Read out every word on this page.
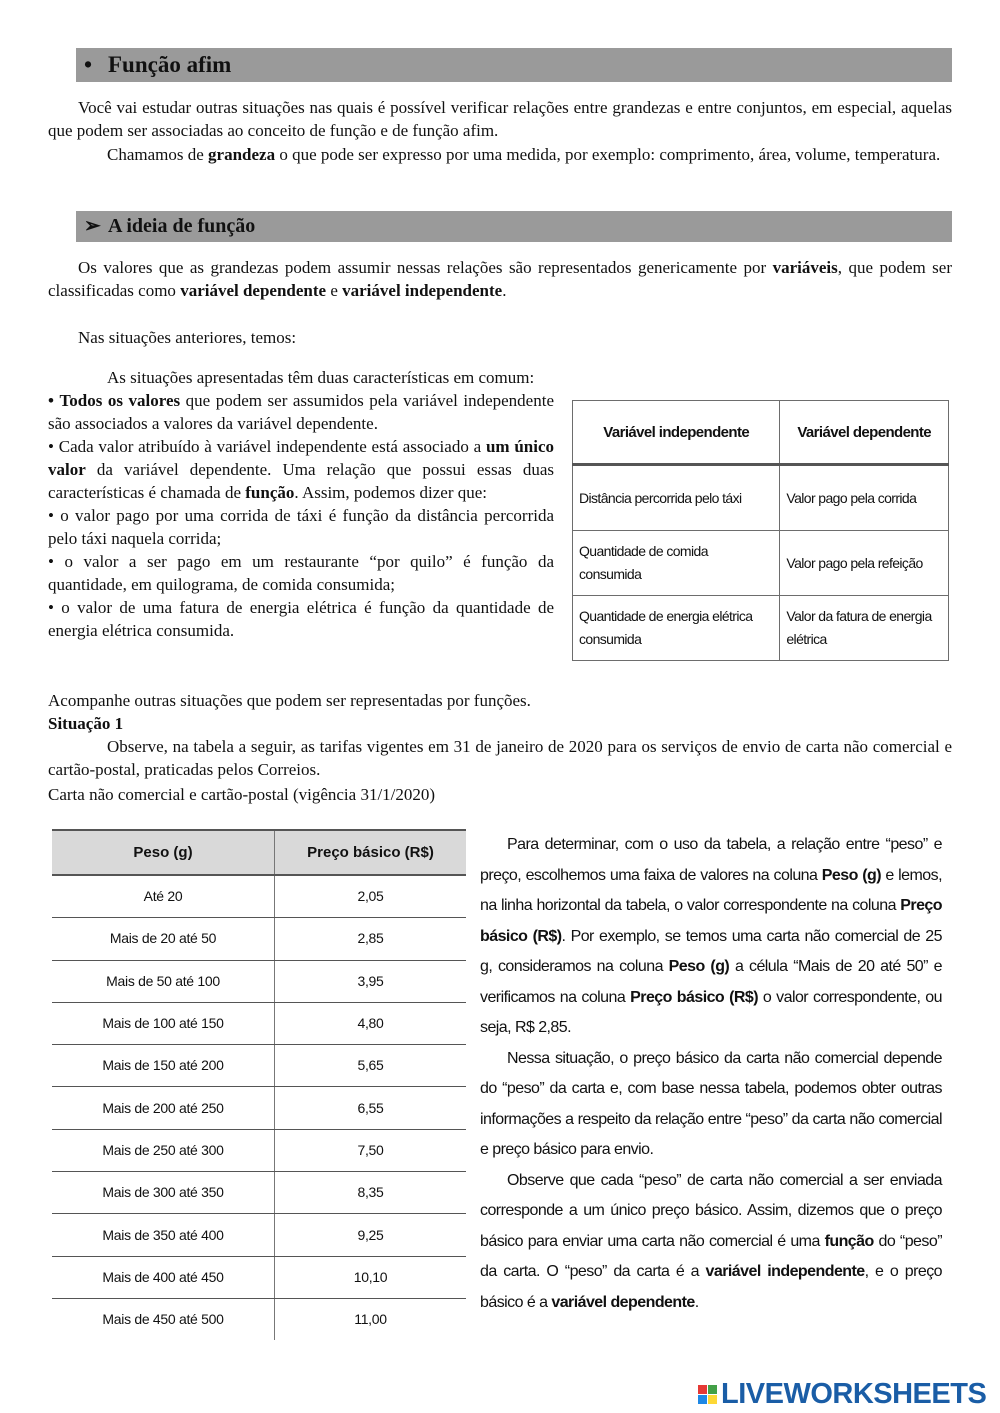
• Função afim

Você vai estudar outras situações nas quais é possível verificar relações entre grandezas e entre conjuntos, em especial, aquelas que podem ser associadas ao conceito de função e de função afim.

Chamamos de grandeza o que pode ser expresso por uma medida, por exemplo: comprimento, área, volume, temperatura.

➢ A ideia de função

Os valores que as grandezas podem assumir nessas relações são representados genericamente por variáveis, que podem ser classificadas como variável dependente e variável independente.

Nas situações anteriores, temos:

As situações apresentadas têm duas características em comum:

• Todos os valores que podem ser assumidos pela variável independente são associados a valores da variável dependente.
• Cada valor atribuído à variável independente está associado a um único valor da variável dependente. Uma relação que possui essas duas características é chamada de função. Assim, podemos dizer que:
• o valor pago por uma corrida de táxi é função da distância percorrida pelo táxi naquela corrida;
• o valor a ser pago em um restaurante “por quilo” é função da quantidade, em quilograma, de comida consumida;
• o valor de uma fatura de energia elétrica é função da quantidade de energia elétrica consumida.
Variável independente	Variável dependente
Distância percorrida pelo táxi	Valor pago pela corrida
Quantidade de comida consumida	Valor pago pela refeição
Quantidade de energia elétrica consumida	Valor da fatura de energia elétrica

Acompanhe outras situações que podem ser representadas por funções.

Situação 1

Observe, na tabela a seguir, as tarifas vigentes em 31 de janeiro de 2020 para os serviços de envio de carta não comercial e cartão-postal, praticadas pelos Correios.

Carta não comercial e cartão-postal (vigência 31/1/2020)

Peso (g)	Preço básico (R$)
Até 20	2,05
Mais de 20 até 50	2,85
Mais de 50 até 100	3,95
Mais de 100 até 150	4,80
Mais de 150 até 200	5,65
Mais de 200 até 250	6,55
Mais de 250 até 300	7,50
Mais de 300 até 350	8,35
Mais de 350 até 400	9,25
Mais de 400 até 450	10,10
Mais de 450 até 500	11,00

Para determinar, com o uso da tabela, a relação entre “peso” e preço, escolhemos uma faixa de valores na coluna Peso (g) e lemos, na linha horizontal da tabela, o valor correspondente na coluna Preço básico (R$). Por exemplo, se temos uma carta não comercial de 25 g, consideramos na coluna Peso (g) a célula “Mais de 20 até 50” e verificamos na coluna Preço básico (R$) o valor correspondente, ou seja, R$ 2,85.

Nessa situação, o preço básico da carta não comercial depende do “peso” da carta e, com base nessa tabela, podemos obter outras informações a respeito da relação entre “peso” da carta não comercial e preço básico para envio.

Observe que cada “peso” de carta não comercial a ser enviada corresponde a um único preço básico. Assim, dizemos que o preço básico para enviar uma carta não comercial é uma função do “peso” da carta. O “peso” da carta é a variável independente, e o preço básico é a variável dependente.

LIVEWORKSHEETS
